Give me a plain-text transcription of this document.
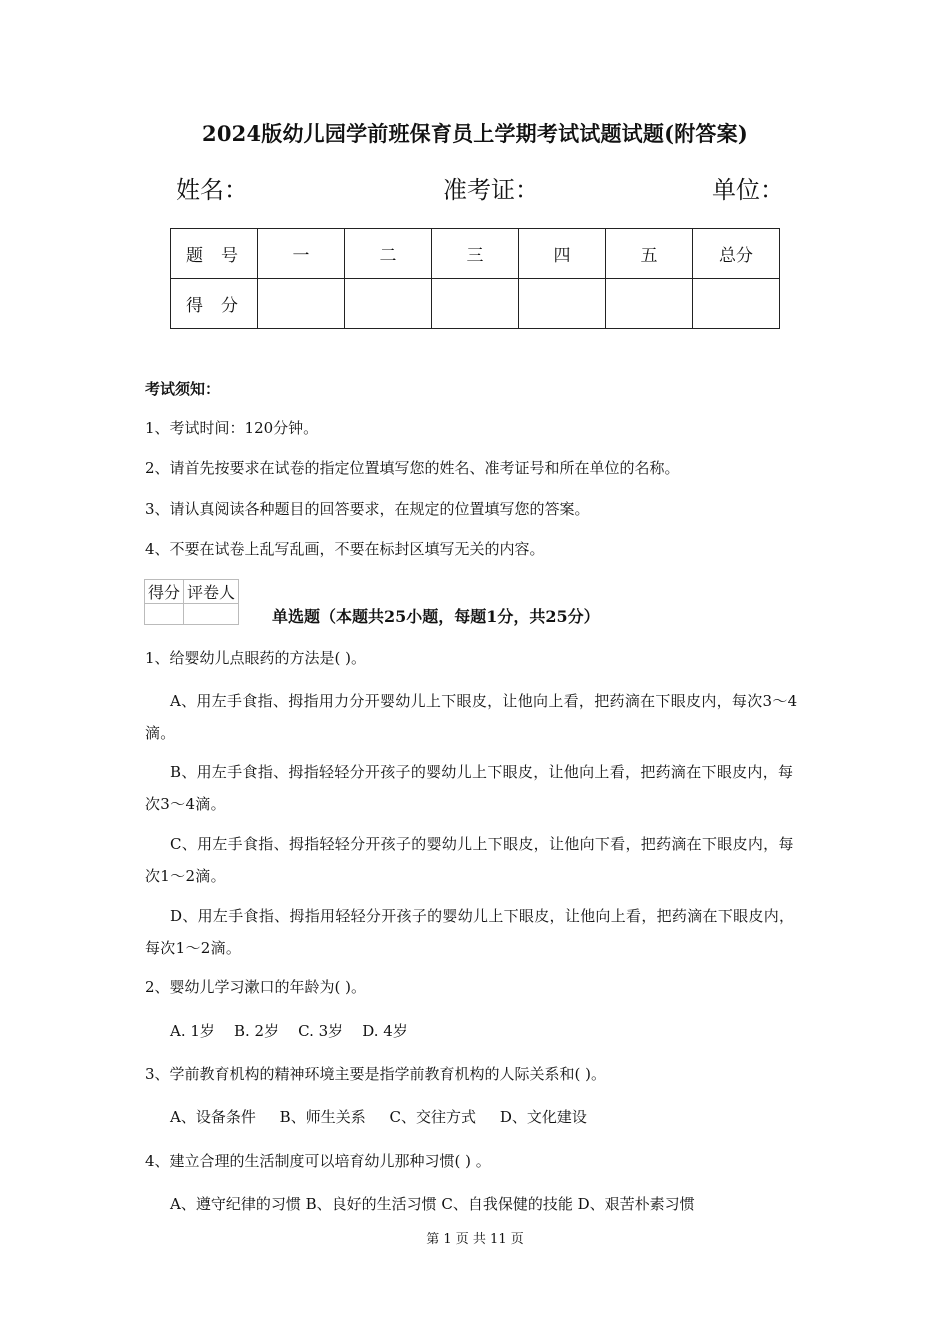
2024版幼儿园学前班保育员上学期考试试题试题(附答案)
姓名：	准考证：	单位：
题号	一	二	三	四	五	总分
得分						
考试须知：
1、考试时间：120分钟。
2、请首先按要求在试卷的指定位置填写您的姓名、准考证号和所在单位的名称。
3、请认真阅读各种题目的回答要求，在规定的位置填写您的答案。
4、不要在试卷上乱写乱画，不要在标封区填写无关的内容。
得分	评卷人

单选题（本题共25小题，每题1分，共25分）
1、给婴幼儿点眼药的方法是( )。
A、用左手食指、拇指用力分开婴幼儿上下眼皮，让他向上看，把药滴在下眼皮内，每次3～4滴。
B、用左手食指、拇指轻轻分开孩子的婴幼儿上下眼皮，让他向上看，把药滴在下眼皮内，每次3～4滴。
C、用左手食指、拇指轻轻分开孩子的婴幼儿上下眼皮，让他向下看，把药滴在下眼皮内，每次1～2滴。
D、用左手食指、拇指用轻轻分开孩子的婴幼儿上下眼皮，让他向上看，把药滴在下眼皮内，每次1～2滴。
2、婴幼儿学习漱口的年龄为( )。
A. 1岁    B. 2岁    C. 3岁    D. 4岁
3、学前教育机构的精神环境主要是指学前教育机构的人际关系和( )。
A、设备条件     B、师生关系     C、交往方式     D、文化建设
4、建立合理的生活制度可以培育幼儿那种习惯( ) 。
A、遵守纪律的习惯 B、良好的生活习惯 C、自我保健的技能 D、艰苦朴素习惯
第 1 页 共 11 页
